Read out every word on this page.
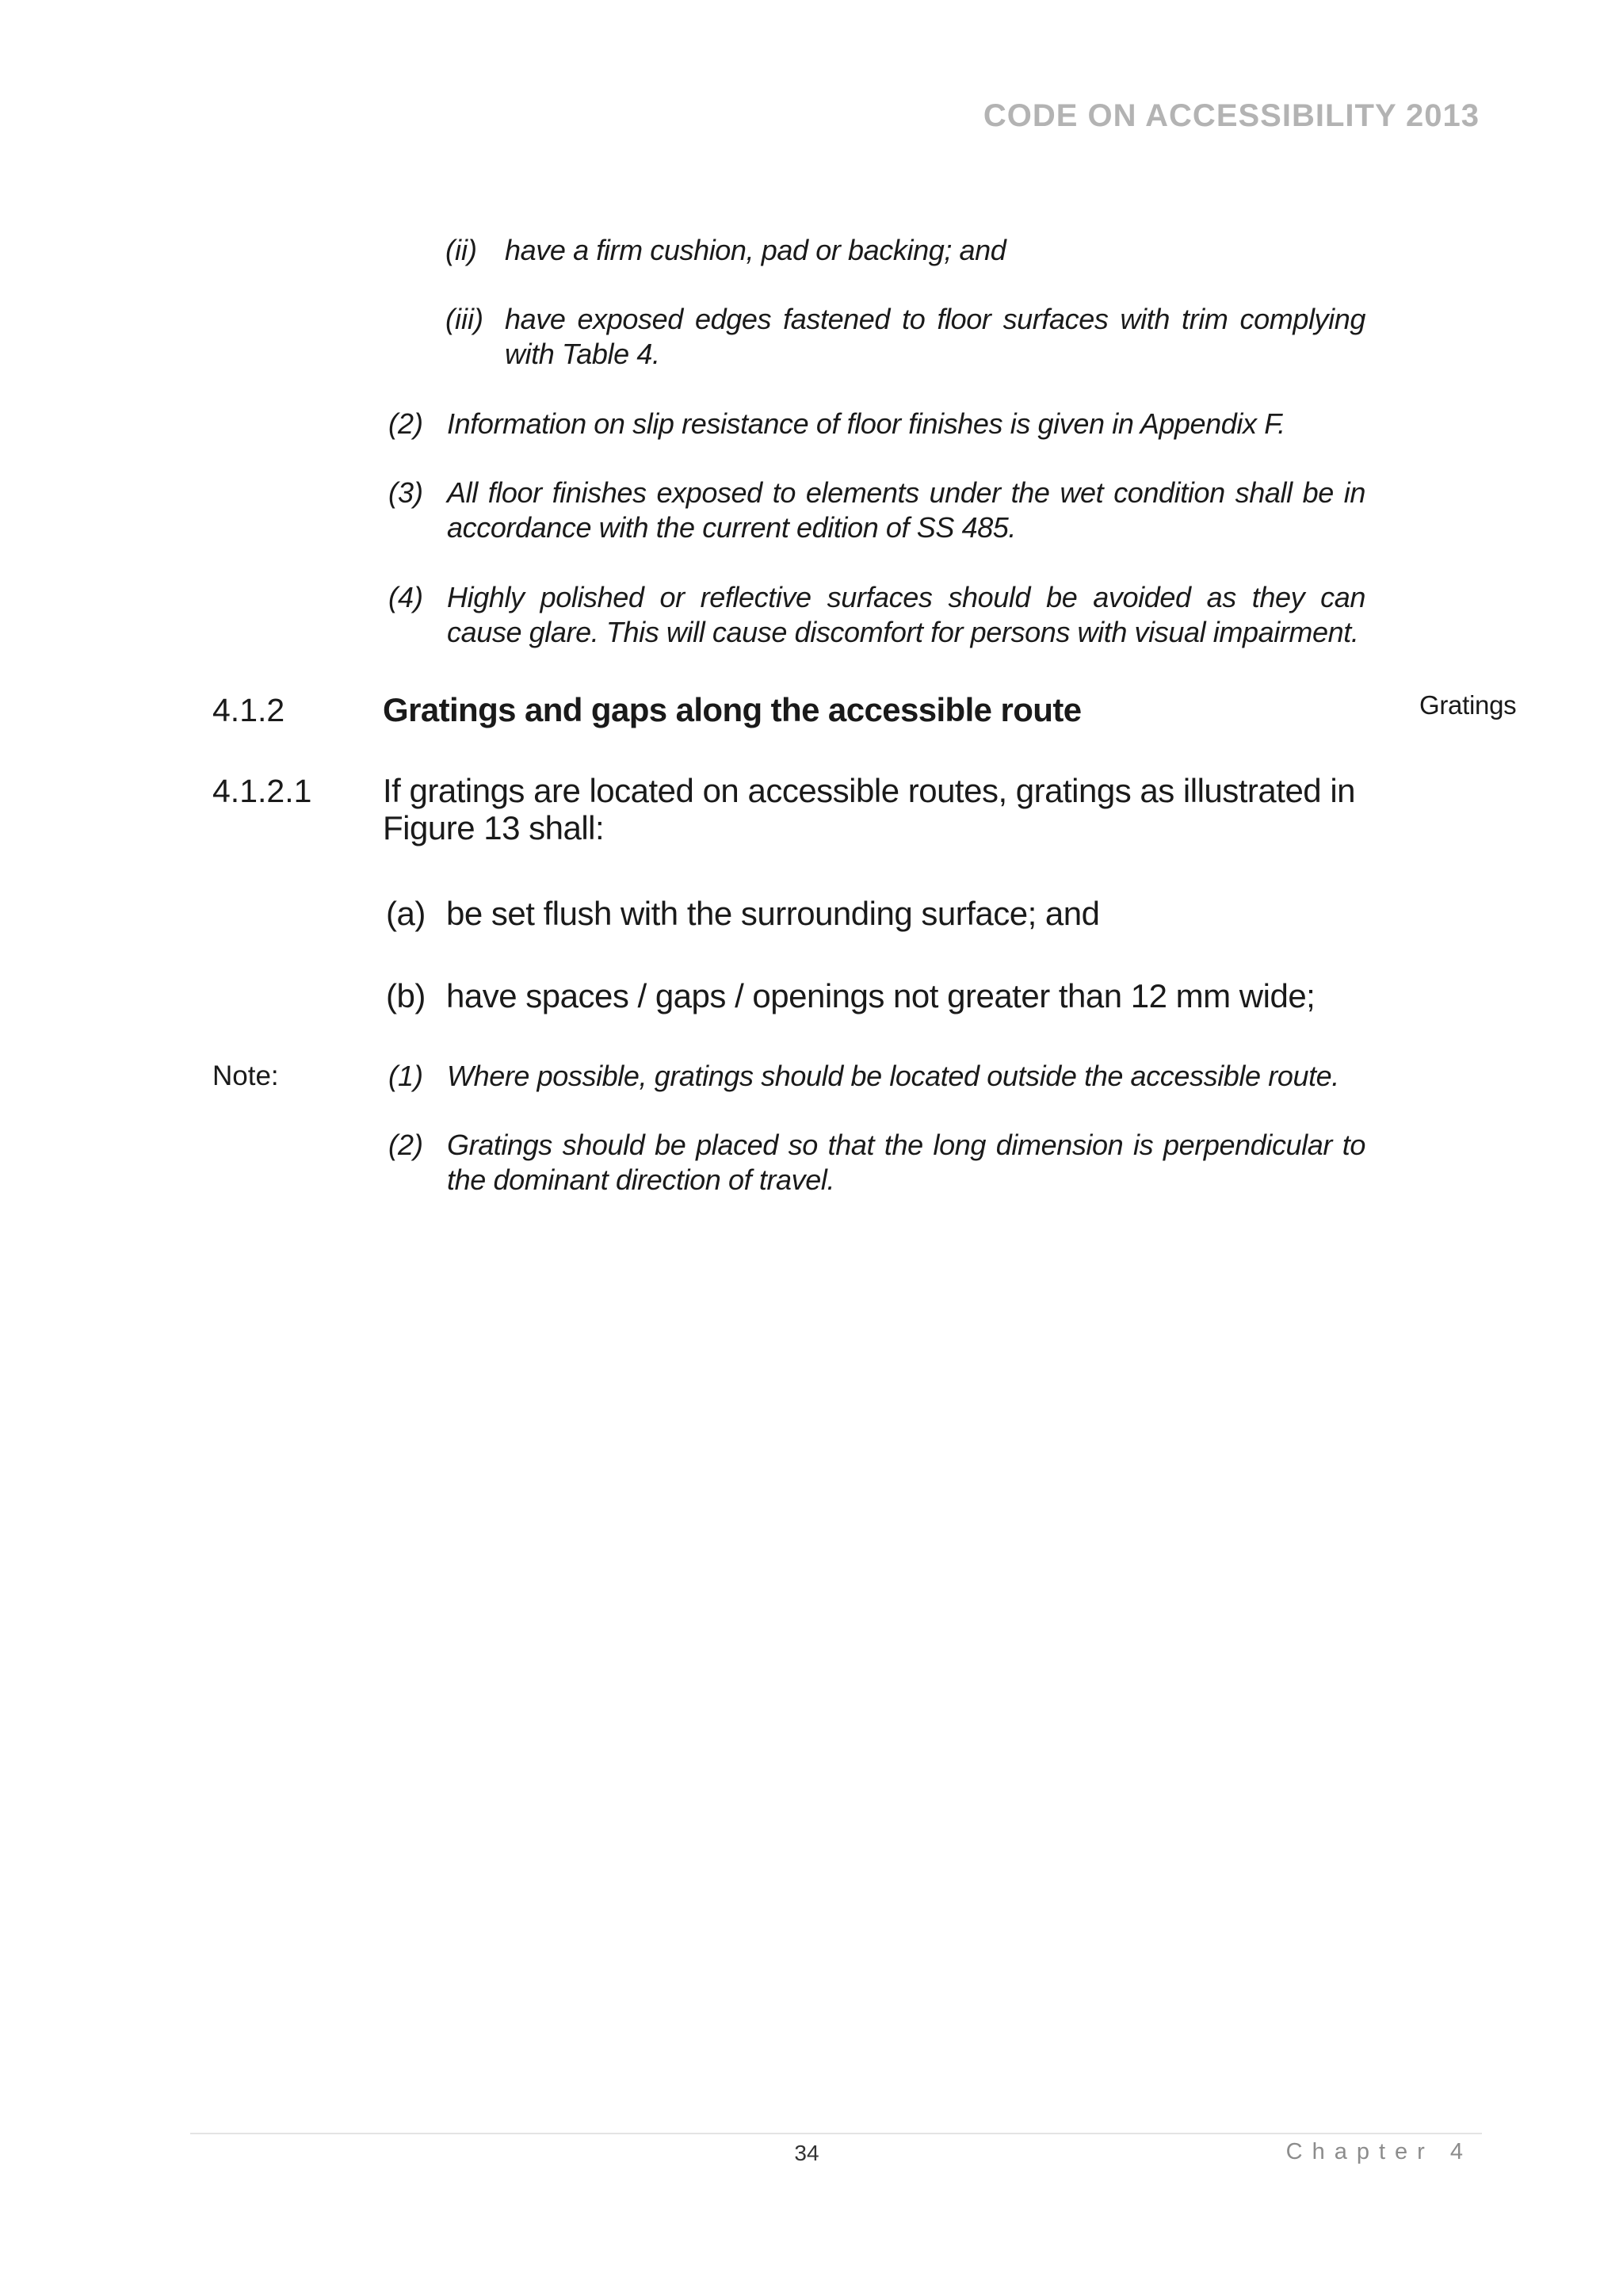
CODE ON ACCESSIBILITY 2013
(ii) have a firm cushion, pad or backing; and
(iii) have exposed edges fastened to floor surfaces with trim complying with Table 4.
(2) Information on slip resistance of floor finishes is given in Appendix F.
(3) All floor finishes exposed to elements under the wet condition shall be in accordance with the current edition of SS 485.
(4) Highly polished or reflective surfaces should be avoided as they can cause glare. This will cause discomfort for persons with visual impairment.
4.1.2	Gratings and gaps along the accessible route	Gratings
4.1.2.1 If gratings are located on accessible routes, gratings as illustrated in Figure 13 shall:
(a) be set flush with the surrounding surface; and
(b) have spaces / gaps / openings not greater than 12 mm wide;
Note:	(1) Where possible, gratings should be located outside the accessible route.
(2) Gratings should be placed so that the long dimension is perpendicular to the dominant direction of travel.
34	Chapter 4
